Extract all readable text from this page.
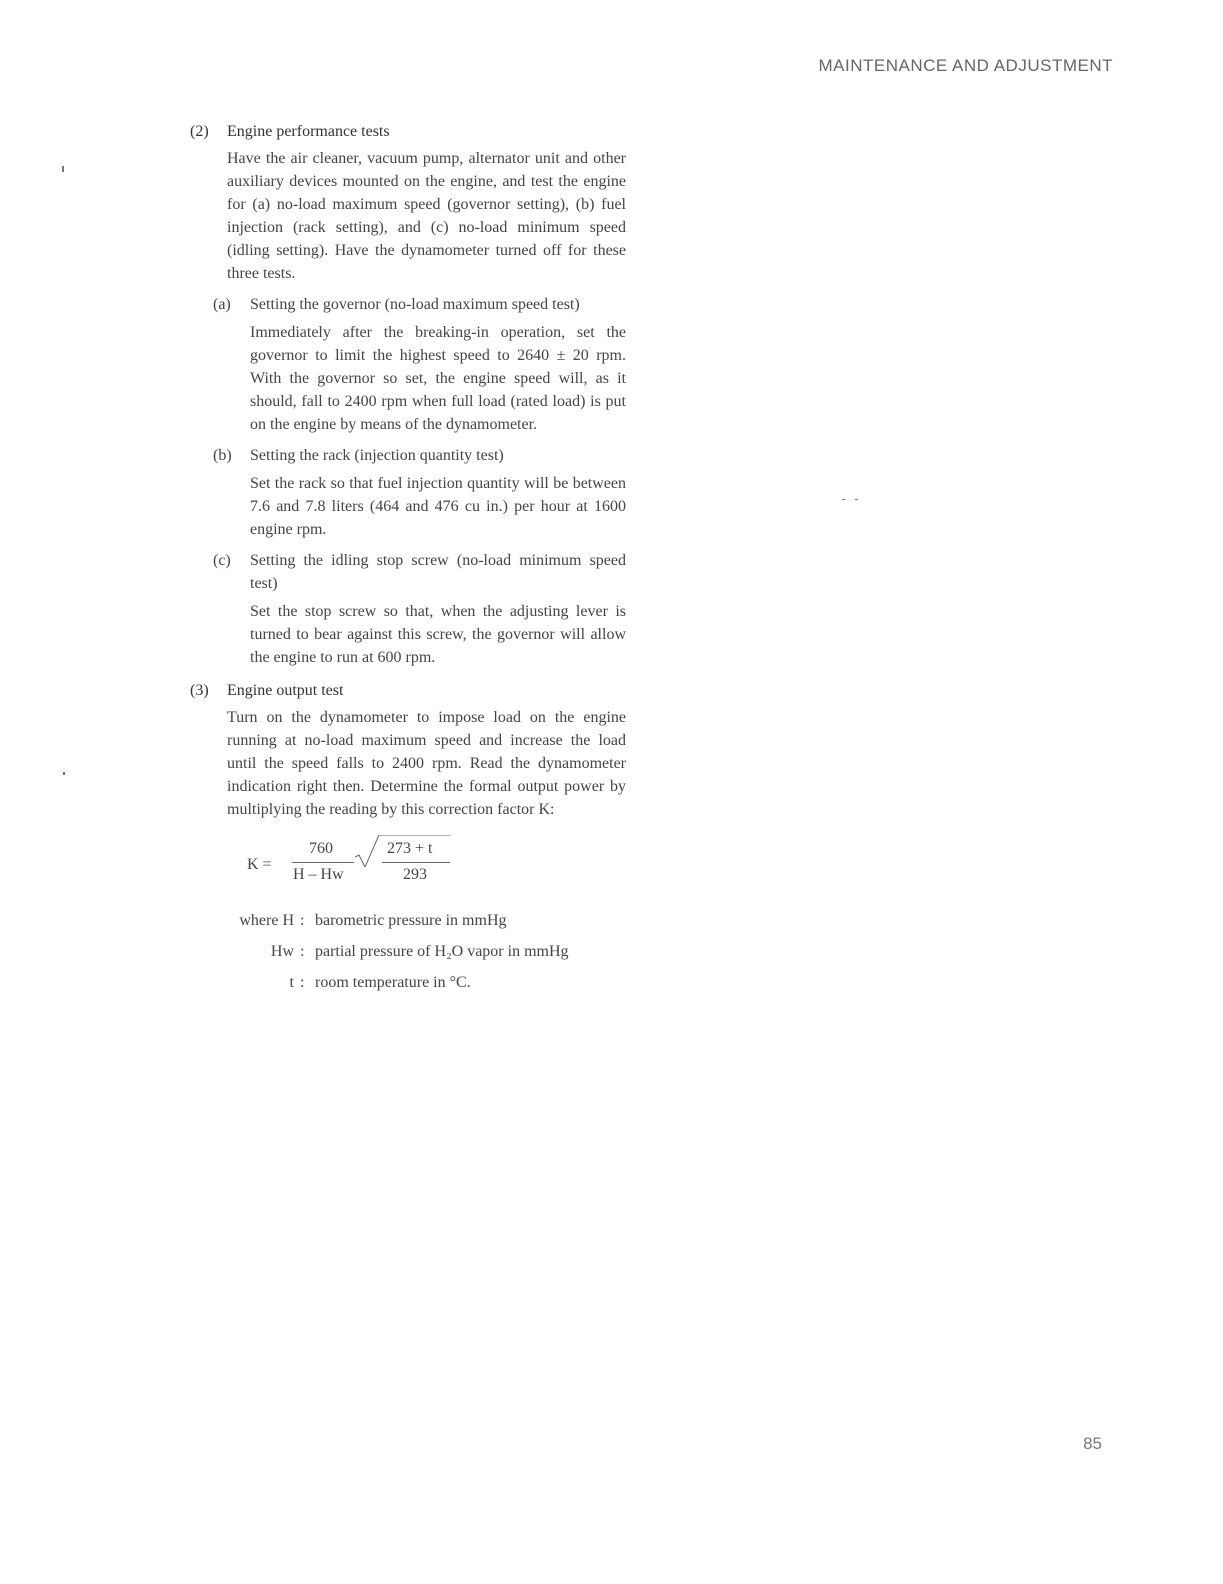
MAINTENANCE AND ADJUSTMENT
(2)	Engine performance tests
Have the air cleaner, vacuum pump, alternator unit and other auxiliary devices mounted on the engine, and test the engine for (a) no-load maximum speed (governor setting), (b) fuel injection (rack setting), and (c) no-load minimum speed (idling setting). Have the dynamometer turned off for these three tests.
(a)	Setting the governor (no-load maximum speed test)
Immediately after the breaking-in operation, set the governor to limit the highest speed to 2640 ± 20 rpm. With the governor so set, the engine speed will, as it should, fall to 2400 rpm when full load (rated load) is put on the engine by means of the dynamometer.
(b)	Setting the rack (injection quantity test)
Set the rack so that fuel injection quantity will be between 7.6 and 7.8 liters (464 and 476 cu in.) per hour at 1600 engine rpm.
(c)	Setting the idling stop screw (no-load minimum speed test)
Set the stop screw so that, when the adjusting lever is turned to bear against this screw, the governor will allow the engine to run at 600 rpm.
(3)	Engine output test
Turn on the dynamometer to impose load on the engine running at no-load maximum speed and increase the load until the speed falls to 2400 rpm. Read the dynamometer indication right then. Determine the formal output power by multiplying the reading by this correction factor K:
K =
760
H – Hw
273 + t
293
where H : barometric pressure in mmHg
Hw : partial pressure of H₂O vapor in mmHg
t : room temperature in °C.
85
